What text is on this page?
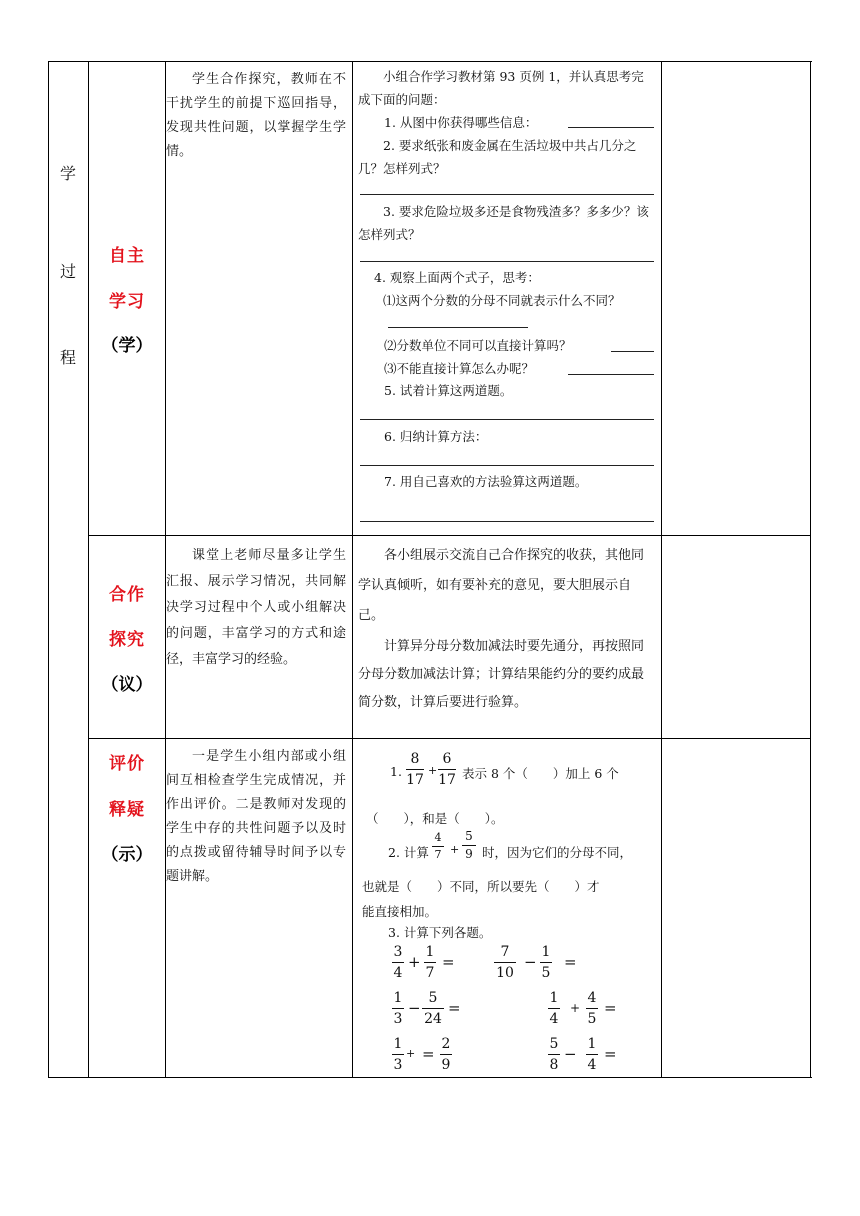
学
过
程
自主
学习
（学）
学生合作探究，教师在不干扰学生的前提下巡回指导，发现共性问题，以掌握学生学情。
小组合作学习教材第 93 页例 1，并认真思考完成下面的问题：
1. 从图中你获得哪些信息：
2. 要求纸张和废金属在生活垃圾中共占几分之几？怎样列式？
3. 要求危险垃圾多还是食物残渣多？多多少？该怎样列式？
4. 观察上面两个式子，思考：
⑴这两个分数的分母不同就表示什么不同？
⑵分数单位不同可以直接计算吗？
⑶不能直接计算怎么办呢？
5. 试着计算这两道题。
6. 归纳计算方法：
7. 用自己喜欢的方法验算这两道题。
合作
探究
（议）
课堂上老师尽量多让学生汇报、展示学习情况，共同解决学习过程中个人或小组解决的问题，丰富学习的方式和途径，丰富学习的经验。
各小组展示交流自己合作探究的收获，其他同学认真倾听，如有要补充的意见，要大胆展示自己。
计算异分母分数加减法时要先通分，再按照同分母分数加减法计算；计算结果能约分的要约成最简分数，计算后要进行验算。
评价
释疑
（示）
一是学生小组内部或小组间互相检查学生完成情况，并作出评价。二是教师对发现的学生中存的共性问题予以及时的点拨或留待辅导时间予以专题讲解。
1.
8
17
+
6
17 表示 8 个（　　）加上 6 个
（　　），和是（　　）。
2. 计算
4
7 +
5
9 时，因为它们的分母不同，
也就是（　　）不同，所以要先（　　）才
能直接相加。
3. 计算下列各题。
3
4
+
1
7
=
7
10
−
1
5
=
1
3
−
5
24
=
1
4
+
4
5
=
1
3
+ =
2
9
5
8
−
1
4
=
